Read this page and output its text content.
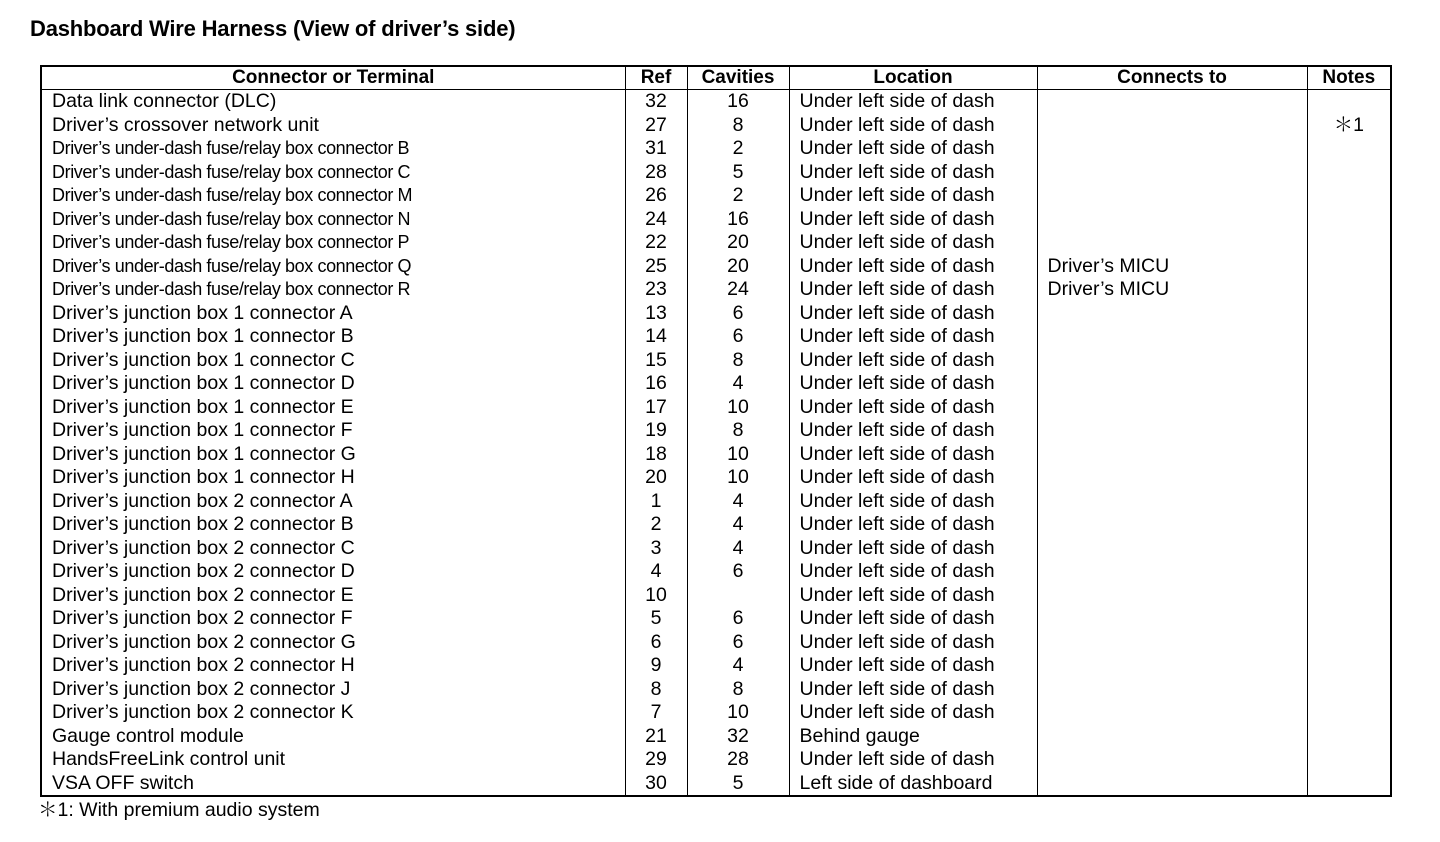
Dashboard Wire Harness (View of driver’s side)
Connector or Terminal	Ref	Cavities	Location	Connects to	Notes
Data link connector (DLC)	32	16	Under left side of dash		
Driver’s crossover network unit	27	8	Under left side of dash		＊1
Driver’s under-dash fuse/relay box connector B	31	2	Under left side of dash		
Driver’s under-dash fuse/relay box connector C	28	5	Under left side of dash		
Driver’s under-dash fuse/relay box connector M	26	2	Under left side of dash		
Driver’s under-dash fuse/relay box connector N	24	16	Under left side of dash		
Driver’s under-dash fuse/relay box connector P	22	20	Under left side of dash		
Driver’s under-dash fuse/relay box connector Q	25	20	Under left side of dash	Driver’s MICU	
Driver’s under-dash fuse/relay box connector R	23	24	Under left side of dash	Driver’s MICU	
Driver’s junction box 1 connector A	13	6	Under left side of dash		
Driver’s junction box 1 connector B	14	6	Under left side of dash		
Driver’s junction box 1 connector C	15	8	Under left side of dash		
Driver’s junction box 1 connector D	16	4	Under left side of dash		
Driver’s junction box 1 connector E	17	10	Under left side of dash		
Driver’s junction box 1 connector F	19	8	Under left side of dash		
Driver’s junction box 1 connector G	18	10	Under left side of dash		
Driver’s junction box 1 connector H	20	10	Under left side of dash		
Driver’s junction box 2 connector A	1	4	Under left side of dash		
Driver’s junction box 2 connector B	2	4	Under left side of dash		
Driver’s junction box 2 connector C	3	4	Under left side of dash		
Driver’s junction box 2 connector D	4	6	Under left side of dash		
Driver’s junction box 2 connector E	10		Under left side of dash		
Driver’s junction box 2 connector F	5	6	Under left side of dash		
Driver’s junction box 2 connector G	6	6	Under left side of dash		
Driver’s junction box 2 connector H	9	4	Under left side of dash		
Driver’s junction box 2 connector J	8	8	Under left side of dash		
Driver’s junction box 2 connector K	7	10	Under left side of dash		
Gauge control module	21	32	Behind gauge		
HandsFreeLink control unit	29	28	Under left side of dash		
VSA OFF switch	30	5	Left side of dashboard		
＊1: With premium audio system
